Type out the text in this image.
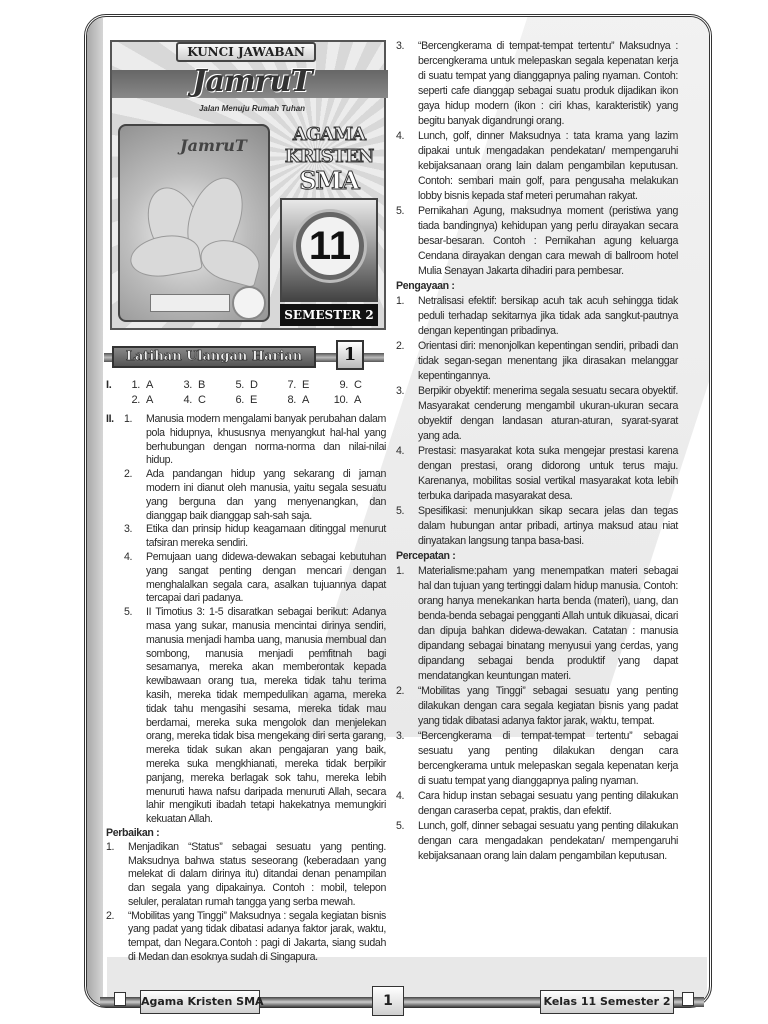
KUNCI JAWABAN
JamruT
Jalan Menuju Rumah Tuhan
JamruT
AGAMA
KRISTEN
SMA
11
SEMESTER 2
Latihan Ulangan Harian	1
I.	1. A	3. B	5. D	7. E	9. C
2. A	4. C	6. E	8. A	10. A
II. 1.	Manusia modern mengalami banyak perubahan dalam pola hidupnya, khususnya menyangkut hal-hal yang berhubungan dengan norma-norma dan nilai-nilai hidup.
2.	Ada pandangan hidup yang sekarang di jaman modern ini dianut oleh manusia, yaitu segala sesuatu yang berguna dan yang menyenangkan, dan dianggap baik dianggap sah-sah saja.
3.	Etika dan prinsip hidup keagamaan ditinggal menurut tafsiran mereka sendiri.
4.	Pemujaan uang didewa-dewakan sebagai kebutuhan yang sangat penting dengan mencari dengan menghalalkan segala cara, asalkan tujuannya dapat tercapai dari padanya.
5.	II Timotius 3: 1-5 disaratkan sebagai berikut: Adanya masa yang sukar, manusia mencintai dirinya sendiri, manusia menjadi hamba uang, manusia membual dan sombong, manusia menjadi pemfitnah bagi sesamanya, mereka akan memberontak kepada kewibawaan orang tua, mereka tidak tahu terima kasih, mereka tidak mempedulikan agama, mereka tidak tahu mengasihi sesama, mereka tidak mau berdamai, mereka suka mengolok dan menjelekan orang, mereka tidak bisa mengekang diri serta garang, mereka tidak sukan akan pengajaran yang baik, mereka suka mengkhianati, mereka tidak berpikir panjang, mereka berlagak sok tahu, mereka lebih menuruti hawa nafsu daripada menuruti Allah, secara lahir mengikuti ibadah tetapi hakekatnya memungkiri kekuatan Allah.
Perbaikan :
1.	Menjadikan “Status” sebagai sesuatu yang penting. Maksudnya bahwa status seseorang (keberadaan yang melekat di dalam dirinya itu) ditandai denan penampilan dan segala yang dipakainya. Contoh : mobil, telepon seluler, peralatan rumah tangga yang serba mewah.
2.	“Mobilitas yang Tinggi” Maksudnya : segala kegiatan bisnis yang padat yang tidak dibatasi adanya faktor jarak, waktu, tempat, dan Negara.Contoh : pagi di Jakarta, siang sudah di Medan dan esoknya sudah di Singapura.
3.	“Bercengkerama di tempat-tempat tertentu” Maksudnya : bercengkerama untuk melepaskan segala kepenatan kerja di suatu tempat yang dianggapnya paling nyaman. Contoh: seperti cafe dianggap sebagai suatu produk dijadikan ikon gaya hidup modern (ikon : ciri khas, karakteristik) yang begitu banyak digandrungi orang.
4.	Lunch, golf, dinner Maksudnya : tata krama yang lazim dipakai untuk mengadakan pendekatan/ mempengaruhi kebijaksanaan orang lain dalam pengambilan keputusan. Contoh: sembari main golf, para pengusaha melakukan lobby bisnis kepada staf meteri perumahan rakyat.
5.	Pernikahan Agung, maksudnya moment (peristiwa yang tiada bandingnya) kehidupan yang perlu dirayakan secara besar-besaran. Contoh : Pernikahan agung keluarga Cendana dirayakan dengan cara mewah di ballroom hotel Mulia Senayan Jakarta dihadiri para pembesar.
Pengayaan :
1.	Netralisasi efektif: bersikap acuh tak acuh sehingga tidak peduli terhadap sekitarnya jika tidak ada sangkut-pautnya dengan kepentingan pribadinya.
2.	Orientasi diri: menonjolkan kepentingan sendiri, pribadi dan tidak segan-segan menentang jika dirasakan melanggar kepentingannya.
3.	Berpikir obyektif: menerima segala sesuatu secara obyektif. Masyarakat cenderung mengambil ukuran-ukuran secara obyektif dengan landasan aturan-aturan, syarat-syarat yang ada.
4.	Prestasi: masyarakat kota suka mengejar prestasi karena dengan prestasi, orang didorong untuk terus maju. Karenanya, mobilitas sosial vertikal masyarakat kota lebih terbuka daripada masyarakat desa.
5.	Spesifikasi: menunjukkan sikap secara jelas dan tegas dalam hubungan antar pribadi, artinya maksud atau niat dinyatakan langsung tanpa basa-basi.
Percepatan :
1.	Materialisme:paham yang menempatkan materi sebagai hal dan tujuan yang tertinggi dalam hidup manusia. Contoh: orang hanya menekankan harta benda (materi), uang, dan benda-benda sebagai pengganti Allah untuk dikuasai, dicari dan dipuja bahkan didewa-dewakan. Catatan : manusia dipandang sebagai binatang menyusui yang cerdas, yang dipandang sebagai benda produktif yang dapat mendatangkan keuntungan materi.
2.	“Mobilitas yang Tinggi” sebagai sesuatu yang penting dilakukan dengan cara segala kegiatan bisnis yang padat yang tidak dibatasi adanya faktor jarak, waktu, tempat.
3.	“Bercengkerama di tempat-tempat tertentu” sebagai sesuatu yang penting dilakukan dengan cara bercengkerama untuk melepaskan segala kepenatan kerja di suatu tempat yang dianggapnya paling nyaman.
4.	Cara hidup instan sebagai sesuatu yang penting dilakukan dengan caraserba cepat, praktis, dan efektif.
5.	Lunch, golf, dinner sebagai sesuatu yang penting dilakukan dengan cara mengadakan pendekatan/ mempengaruhi kebijaksanaan orang lain dalam pengambilan keputusan.
Agama Kristen SMA	1	Kelas 11 Semester 2
